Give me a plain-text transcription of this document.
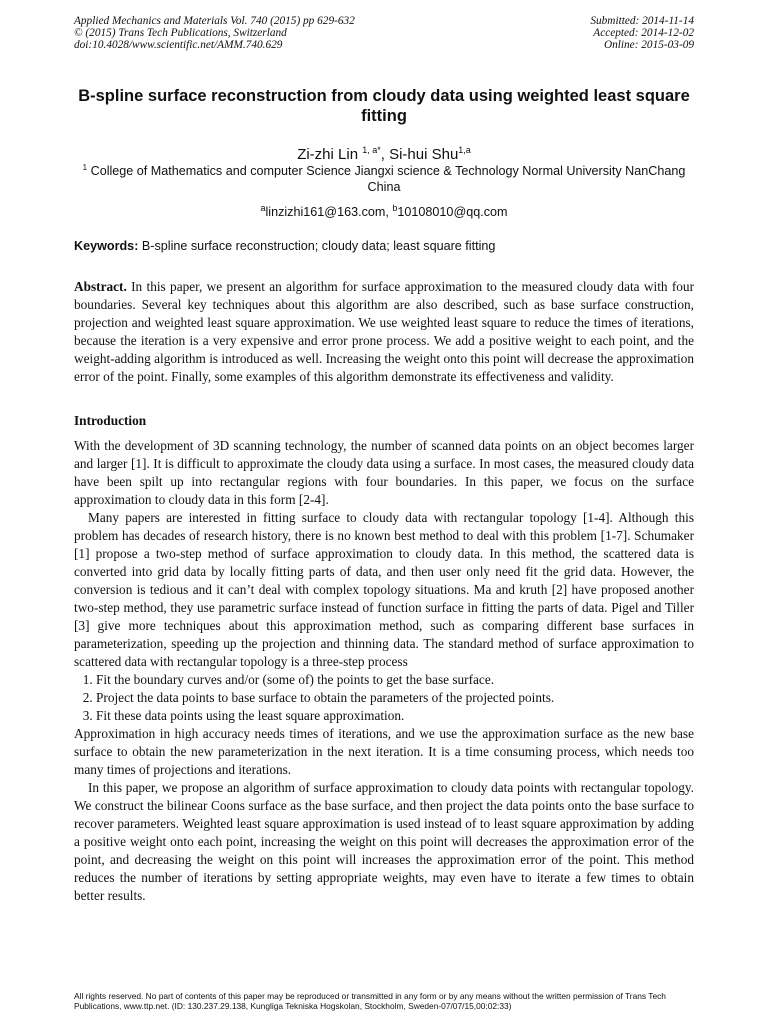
Applied Mechanics and Materials Vol. 740 (2015) pp 629-632
© (2015) Trans Tech Publications, Switzerland
doi:10.4028/www.scientific.net/AMM.740.629
Submitted: 2014-11-14
Accepted: 2014-12-02
Online: 2015-03-09
B-spline surface reconstruction from cloudy data using weighted least square fitting
Zi-zhi Lin $^{1, a*}$, Si-hui Shu$^{1,a}$
$^1$ College of Mathematics and computer Science Jiangxi science & Technology Normal University NanChang China
$^a$linzizhi161@163.com, $^b$10108010@qq.com
Keywords: B-spline surface reconstruction; cloudy data; least square fitting

Abstract. In this paper, we present an algorithm for surface approximation to the measured cloudy data with four boundaries. Several key techniques about this algorithm are also described, such as base surface construction, projection and weighted least square approximation. We use weighted least square to reduce the times of iterations, because the iteration is a very expensive and error prone process. We add a positive weight to each point, and the weight-adding algorithm is introduced as well. Increasing the weight onto this point will decrease the approximation error of the point. Finally, some examples of this algorithm demonstrate its effectiveness and validity.

Introduction

With the development of 3D scanning technology, the number of scanned data points on an object becomes larger and larger [1]. It is difficult to approximate the cloudy data using a surface. In most cases, the measured cloudy data have been spilt up into rectangular regions with four boundaries. In this paper, we focus on the surface approximation to cloudy data in this form [2-4].

Many papers are interested in fitting surface to cloudy data with rectangular topology [1-4]. Although this problem has decades of research history, there is no known best method to deal with this problem [1-7]. Schumaker [1] propose a two-step method of surface approximation to cloudy data. In this method, the scattered data is converted into grid data by locally fitting parts of data, and then user only need fit the grid data. However, the conversion is tedious and it can’t deal with complex topology situations. Ma and kruth [2] have proposed another two-step method, they use parametric surface instead of function surface in fitting the parts of data. Pigel and Tiller [3] give more techniques about this approximation method, such as comparing different base surfaces in parameterization, speeding up the projection and thinning data. The standard method of surface approximation to scattered data with rectangular topology is a three-step process

1. Fit the boundary curves and/or (some of) the points to get the base surface.
2. Project the data points to base surface to obtain the parameters of the projected points.
3. Fit these data points using the least square approximation.

Approximation in high accuracy needs times of iterations, and we use the approximation surface as the new base surface to obtain the new parameterization in the next iteration. It is a time consuming process, which needs too many times of projections and iterations.

In this paper, we propose an algorithm of surface approximation to cloudy data points with rectangular topology. We construct the bilinear Coons surface as the base surface, and then project the data points onto the base surface to recover parameters. Weighted least square approximation is used instead of to least square approximation by adding a positive weight onto each point, increasing the weight on this point will decreases the approximation error of the point, and decreasing the weight on this point will increases the approximation error of the point. This method reduces the number of iterations by setting appropriate weights, may even have to iterate a few times to obtain better results.

All rights reserved. No part of contents of this paper may be reproduced or transmitted in any form or by any means without the written permission of Trans Tech Publications, www.ttp.net. (ID: 130.237.29.138, Kungliga Tekniska Hogskolan, Stockholm, Sweden-07/07/15,00:02:33)
